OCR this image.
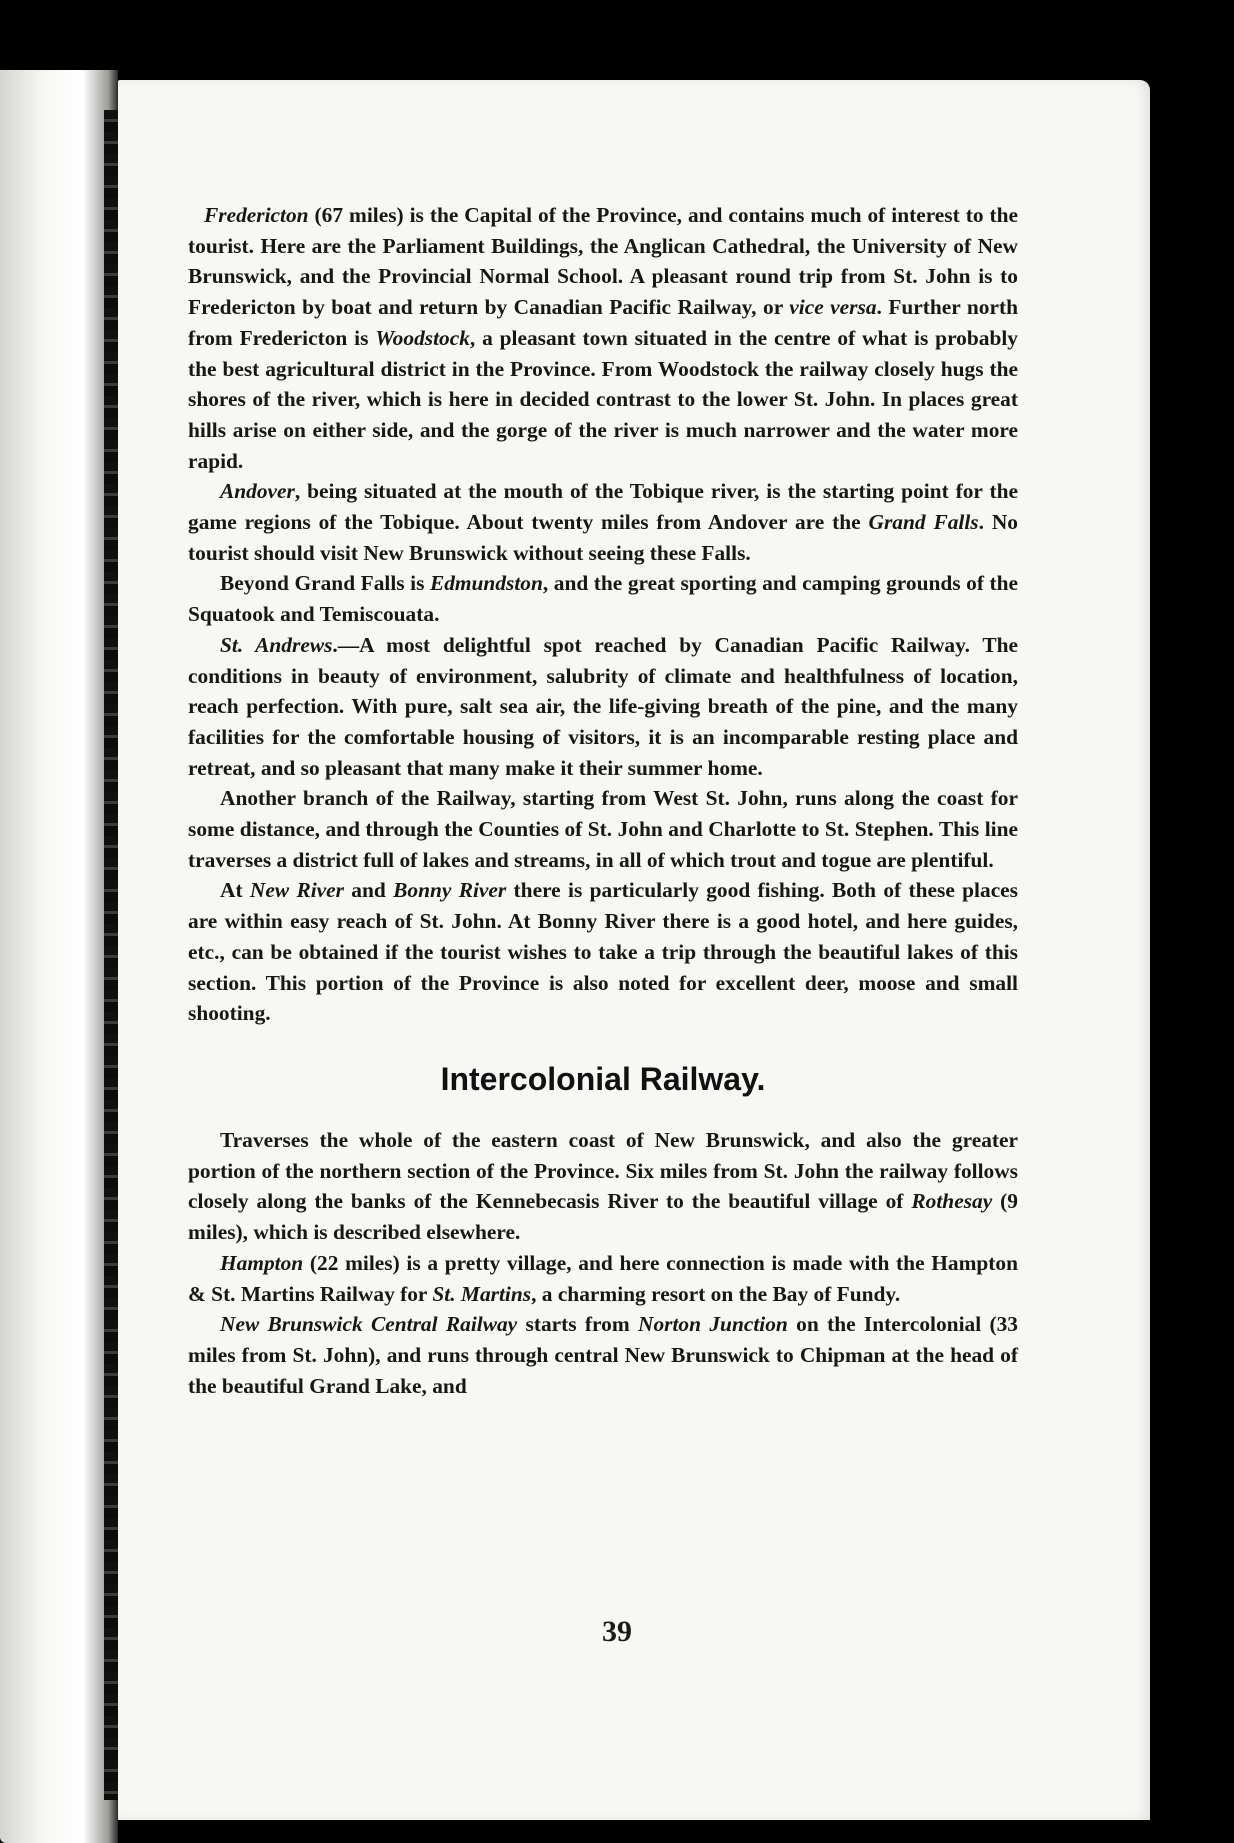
Fredericton (67 miles) is the Capital of the Province, and contains much of interest to the tourist. Here are the Parliament Buildings, the Anglican Cathedral, the University of New Brunswick, and the Provincial Normal School. A pleasant round trip from St. John is to Fredericton by boat and return by Canadian Pacific Railway, or vice versa. Further north from Fredericton is Woodstock, a pleasant town situated in the centre of what is probably the best agricultural district in the Province. From Woodstock the railway closely hugs the shores of the river, which is here in decided contrast to the lower St. John. In places great hills arise on either side, and the gorge of the river is much narrower and the water more rapid.

Andover, being situated at the mouth of the Tobique river, is the starting point for the game regions of the Tobique. About twenty miles from Andover are the Grand Falls. No tourist should visit New Brunswick without seeing these Falls.

Beyond Grand Falls is Edmundston, and the great sporting and camping grounds of the Squatook and Temiscouata.

St. Andrews.—A most delightful spot reached by Canadian Pacific Railway. The conditions in beauty of environment, salubrity of climate and healthfulness of location, reach perfection. With pure, salt sea air, the life-giving breath of the pine, and the many facilities for the comfortable housing of visitors, it is an incomparable resting place and retreat, and so pleasant that many make it their summer home.

Another branch of the Railway, starting from West St. John, runs along the coast for some distance, and through the Counties of St. John and Charlotte to St. Stephen. This line traverses a district full of lakes and streams, in all of which trout and togue are plentiful.

At New River and Bonny River there is particularly good fishing. Both of these places are within easy reach of St. John. At Bonny River there is a good hotel, and here guides, etc., can be obtained if the tourist wishes to take a trip through the beautiful lakes of this section. This portion of the Province is also noted for excellent deer, moose and small shooting.

Intercolonial Railway.

Traverses the whole of the eastern coast of New Brunswick, and also the greater portion of the northern section of the Province. Six miles from St. John the railway follows closely along the banks of the Kennebecasis River to the beautiful village of Rothesay (9 miles), which is described elsewhere.

Hampton (22 miles) is a pretty village, and here connection is made with the Hampton & St. Martins Railway for St. Martins, a charming resort on the Bay of Fundy.

New Brunswick Central Railway starts from Norton Junction on the Intercolonial (33 miles from St. John), and runs through central New Brunswick to Chipman at the head of the beautiful Grand Lake, and

39
